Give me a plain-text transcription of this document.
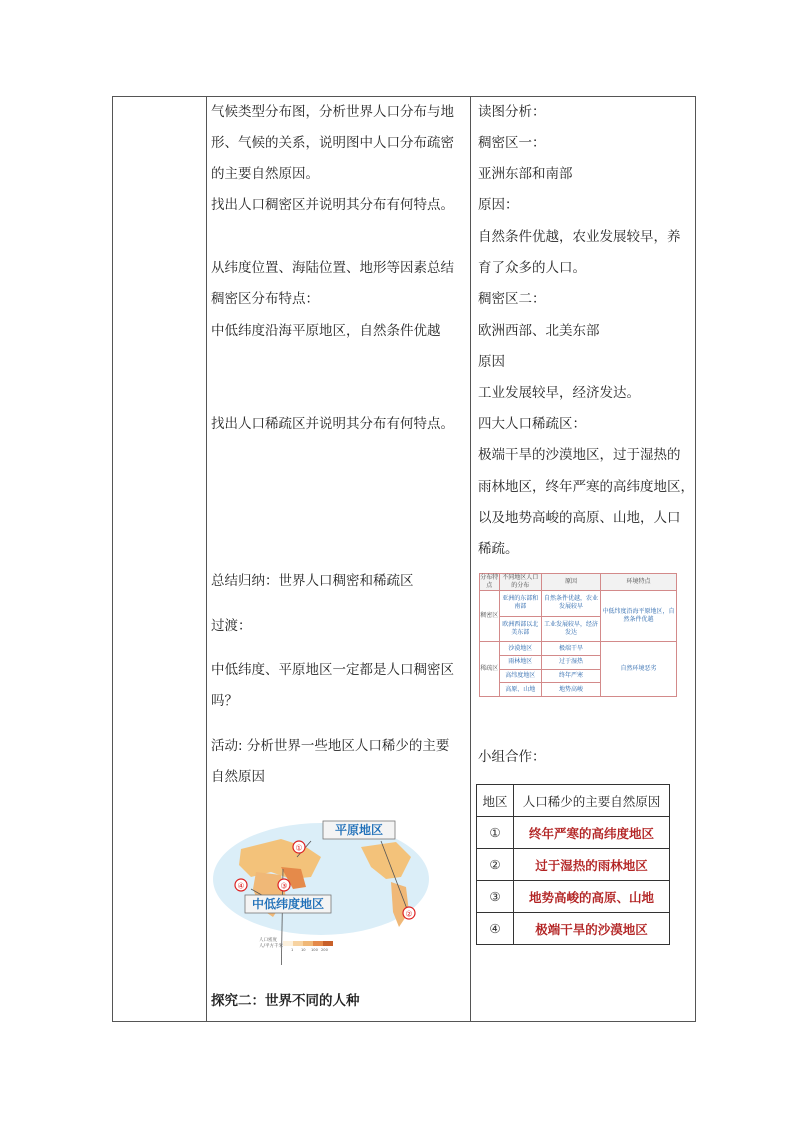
气候类型分布图，分析世界人口分布与地
形、气候的关系，说明图中人口分布疏密
的主要自然原因。
找出人口稠密区并说明其分布有何特点。
从纬度位置、海陆位置、地形等因素总结
稠密区分布特点：
中低纬度沿海平原地区，自然条件优越
找出人口稀疏区并说明其分布有何特点。
总结归纳：世界人口稠密和稀疏区
过渡：
中低纬度、平原地区一定都是人口稠密区
吗？
活动: 分析世界一些地区人口稀少的主要
自然原因
探究二：世界不同的人种
平原地区
中低纬度地区
①
②
③
④
人口密度
人/平方千米
1 10 100 200
读图分析：
稠密区一：
亚洲东部和南部
原因：
自然条件优越，农业发展较早，养
育了众多的人口。
稠密区二：
欧洲西部、北美东部
原因
工业发展较早，经济发达。
四大人口稀疏区：
极端干旱的沙漠地区，过于湿热的
雨林地区，终年严寒的高纬度地区，
以及地势高峻的高原、山地，人口
稀疏。
小组合作：
分布特点	不同地区人口的分布	原因	环境特点
稠密区	亚洲的东部和南部	自然条件优越，农业发展较早	中低纬度沿海平原地区，自然条件优越
	欧洲西部以北美东部	工业发展较早，经济发达	
稀疏区	沙漠地区	极端干旱	自然环境恶劣
	雨林地区	过于湿热	
	高纬度地区	终年严寒	
	高原、山地	地势高峻	
地区	人口稀少的主要自然原因
①	终年严寒的高纬度地区
②	过于湿热的雨林地区
③	地势高峻的高原、山地
④	极端干旱的沙漠地区
